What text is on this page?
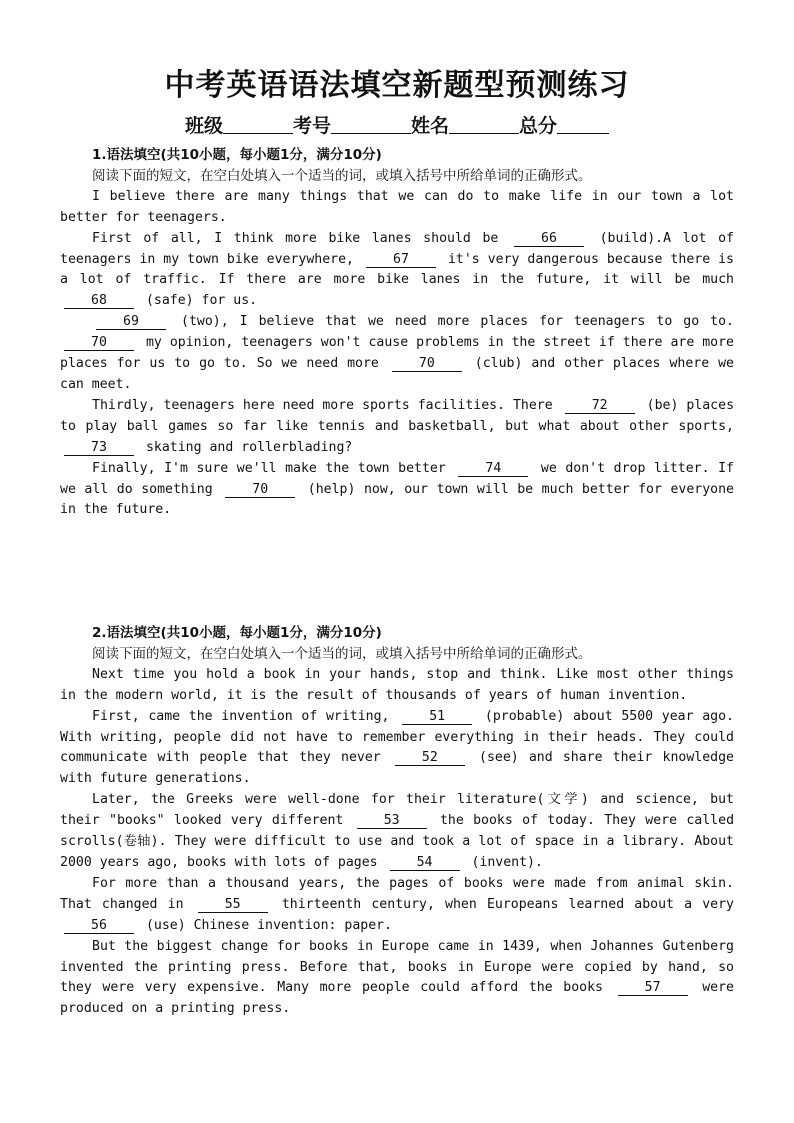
中考英语语法填空新题型预测练习
班级	考号	姓名	总分

1.语法填空(共10小题，每小题1分，满分10分)

阅读下面的短文，在空白处填入一个适当的词，或填入括号中所给单词的正确形式。

I believe there are many things that we can do to make life in our town a lot better for teenagers.

First of all, I think more bike lanes should be 66 (build).A lot of teenagers in my town bike everywhere, 67 it's very dangerous because there is a lot of traffic. If there are more bike lanes in the future, it will be much 68 (safe) for us.

69 (two), I believe that we need more places for teenagers to go to. 70 my opinion, teenagers won't cause problems in the street if there are more places for us to go to. So we need more 70 (club) and other places where we can meet.

Thirdly, teenagers here need more sports facilities. There 72 (be) places to play ball games so far like tennis and basketball, but what about other sports, 73 skating and rollerblading?

Finally, I'm sure we'll make the town better 74 we don't drop litter. If we all do something 70 (help) now, our town will be much better for everyone in the future.

2.语法填空(共10小题，每小题1分，满分10分)

阅读下面的短文，在空白处填入一个适当的词，或填入括号中所给单词的正确形式。

Next time you hold a book in your hands, stop and think. Like most other things in the modern world, it is the result of thousands of years of human invention.

First, came the invention of writing, 51 (probable) about 5500 year ago. With writing, people did not have to remember everything in their heads. They could communicate with people that they never 52 (see) and share their knowledge with future generations.

Later, the Greeks were well-done for their literature(文学) and science, but their "books" looked very different 53 the books of today. They were called scrolls(卷轴). They were difficult to use and took a lot of space in a library. About 2000 years ago, books with lots of pages 54 (invent).

For more than a thousand years, the pages of books were made from animal skin. That changed in 55 thirteenth century, when Europeans learned about a very 56 (use) Chinese invention: paper.

But the biggest change for books in Europe came in 1439, when Johannes Gutenberg invented the printing press. Before that, books in Europe were copied by hand, so they were very expensive. Many more people could afford the books 57 were produced on a printing press.
